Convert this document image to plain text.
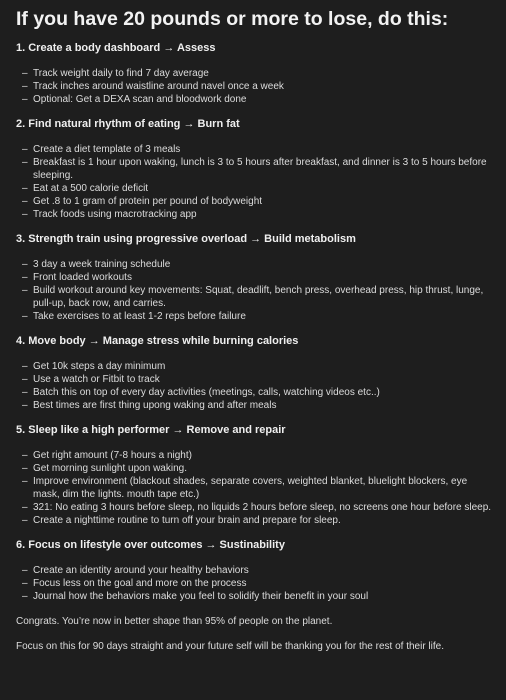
If you have 20 pounds or more to lose, do this:
1. Create a body dashboard → Assess
– Track weight daily to find 7 day average
– Track inches around waistline around navel once a week
– Optional: Get a DEXA scan and bloodwork done
2. Find natural rhythm of eating → Burn fat
– Create a diet template of 3 meals
– Breakfast is 1 hour upon waking, lunch is 3 to 5 hours after breakfast, and dinner is 3 to 5 hours before sleeping.
– Eat at a 500 calorie deficit
– Get .8 to 1 gram of protein per pound of bodyweight
– Track foods using macrotracking app
3. Strength train using progressive overload → Build metabolism
– 3 day a week training schedule
– Front loaded workouts
– Build workout around key movements: Squat, deadlift, bench press, overhead press, hip thrust, lunge, pull-up, back row, and carries.
– Take exercises to at least 1-2 reps before failure
4. Move body → Manage stress while burning calories
– Get 10k steps a day minimum
– Use a watch or Fitbit to track
– Batch this on top of every day activities (meetings, calls, watching videos etc..)
– Best times are first thing upong waking and after meals
5. Sleep like a high performer → Remove and repair
– Get right amount (7-8 hours a night)
– Get morning sunlight upon waking.
– Improve environment (blackout shades, separate covers, weighted blanket, bluelight blockers, eye mask, dim the lights. mouth tape etc.)
– 321: No eating 3 hours before sleep, no liquids 2 hours before sleep, no screens one hour before sleep.
– Create a nighttime routine to turn off your brain and prepare for sleep.
6. Focus on lifestyle over outcomes → Sustinability
– Create an identity around your healthy behaviors
– Focus less on the goal and more on the process
– Journal how the behaviors make you feel to solidify their benefit in your soul

Congrats. You’re now in better shape than 95% of people on the planet.

Focus on this for 90 days straight and your future self will be thanking you for the rest of their life.
